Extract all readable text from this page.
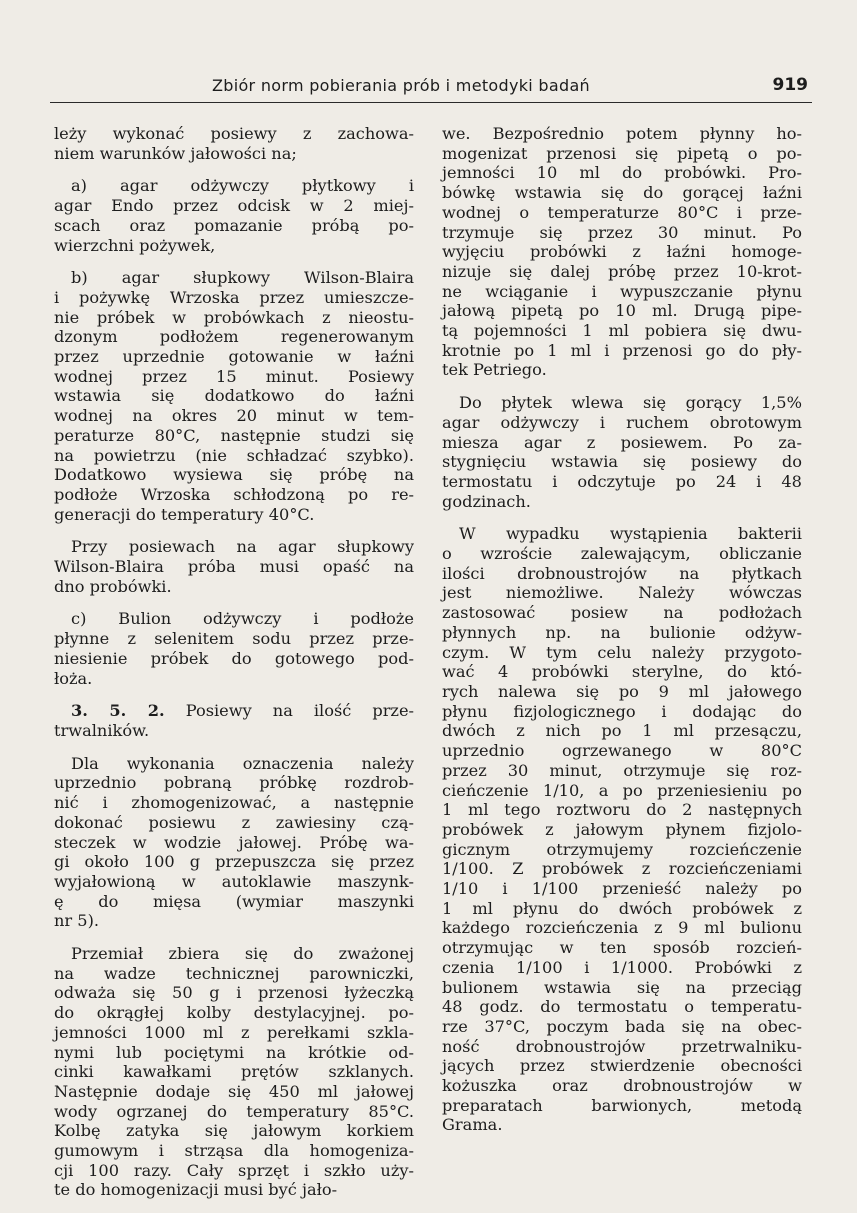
Zbiór norm pobierania prób i metodyki badań	919

leży wykonać posiewy z zachowa-
niem warunków jałowości na;

a) agar odżywczy płytkowy i
agar Endo przez odcisk w 2 miej-
scach oraz pomazanie próbą po-
wierzchni pożywek,

b) agar słupkowy Wilson-Blaira
i pożywkę Wrzoska przez umieszcze-
nie próbek w probówkach z nieostu-
dzonym podłożem regenerowanym
przez uprzednie gotowanie w łaźni
wodnej przez 15 minut. Posiewy
wstawia się dodatkowo do łaźni
wodnej na okres 20 minut w tem-
peraturze 80°C, następnie studzi się
na powietrzu (nie schładzać szybko).
Dodatkowo wysiewa się próbę na
podłoże Wrzoska schłodzoną po re-
generacji do temperatury 40°C.

Przy posiewach na agar słupkowy
Wilson-Blaira próba musi opaść na
dno probówki.

c) Bulion odżywczy i podłoże
płynne z selenitem sodu przez prze-
niesienie próbek do gotowego pod-
łoża.

3. 5. 2. Posiewy na ilość prze-
trwalników.

Dla wykonania oznaczenia należy
uprzednio pobraną próbkę rozdrob-
nić i zhomogenizować, a następnie
dokonać posiewu z zawiesiny czą-
steczek w wodzie jałowej. Próbę wa-
gi około 100 g przepuszcza się przez
wyjałowioną w autoklawie maszynk-
ę do mięsa (wymiar maszynki
nr 5).

Przemiał zbiera się do zważonej
na wadze technicznej parowniczki,
odważa się 50 g i przenosi łyżeczką
do okrągłej kolby destylacyjnej. po-
jemności 1000 ml z perełkami szkla-
nymi lub pociętymi na krótkie od-
cinki kawałkami prętów szklanych.
Następnie dodaje się 450 ml jałowej
wody ogrzanej do temperatury 85°C.
Kolbę zatyka się jałowym korkiem
gumowym i strząsa dla homogeniza-
cji 100 razy. Cały sprzęt i szkło uży-
te do homogenizacji musi być jało-

we. Bezpośrednio potem płynny ho-
mogenizat przenosi się pipetą o po-
jemności 10 ml do probówki. Pro-
bówkę wstawia się do gorącej łaźni
wodnej o temperaturze 80°C i prze-
trzymuje się przez 30 minut. Po
wyjęciu probówki z łaźni homoge-
nizuje się dalej próbę przez 10-krot-
ne wciąganie i wypuszczanie płynu
jałową pipetą po 10 ml. Drugą pipe-
tą pojemności 1 ml pobiera się dwu-
krotnie po 1 ml i przenosi go do pły-
tek Petriego.

Do płytek wlewa się gorący 1,5%
agar odżywczy i ruchem obrotowym
miesza agar z posiewem. Po za-
stygnięciu wstawia się posiewy do
termostatu i odczytuje po 24 i 48
godzinach.

W wypadku wystąpienia bakterii
o wzroście zalewającym, obliczanie
ilości drobnoustrojów na płytkach
jest niemożliwe. Należy wówczas
zastosować posiew na podłożach
płynnych np. na bulionie odżyw-
czym. W tym celu należy przygoto-
wać 4 probówki sterylne, do któ-
rych nalewa się po 9 ml jałowego
płynu fizjologicznego i dodając do
dwóch z nich po 1 ml przesączu,
uprzednio ogrzewanego w 80°C
przez 30 minut, otrzymuje się roz-
cieńczenie 1/10, a po przeniesieniu po
1 ml tego roztworu do 2 następnych
probówek z jałowym płynem fizjolo-
gicznym otrzymujemy rozcieńczenie
1/100. Z probówek z rozcieńczeniami
1/10 i 1/100 przenieść należy po
1 ml płynu do dwóch probówek z
każdego rozcieńczenia z 9 ml bulionu
otrzymując w ten sposób rozcień-
czenia 1/100 i 1/1000. Probówki z
bulionem wstawia się na przeciąg
48 godz. do termostatu o temperatu-
rze 37°C, poczym bada się na obec-
ność drobnoustrojów przetrwalniku-
jących przez stwierdzenie obecności
kożuszka oraz drobnoustrojów w
preparatach barwionych, metodą
Grama.
